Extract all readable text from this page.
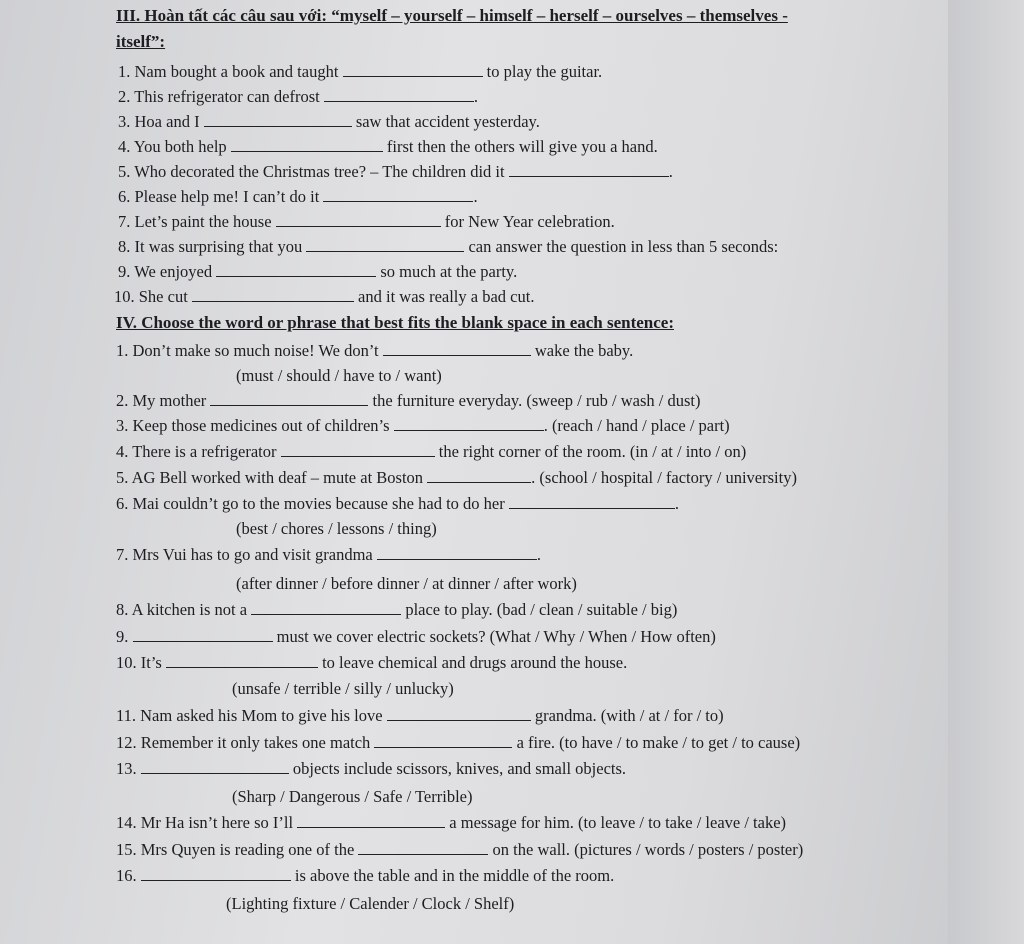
III. Hoàn tất các câu sau với: “myself – yourself – himself – herself – ourselves – themselves -
itself”:
1. Nam bought a book and taught	to play the guitar.
2. This refrigerator can defrost	.
3. Hoa and I	saw that accident yesterday.
4. You both help	first then the others will give you a hand.
5. Who decorated the Christmas tree? – The children did it	.
6. Please help me! I can’t do it	.
7. Let’s paint the house	for New Year celebration.
8. It was surprising that you	can answer the question in less than 5 seconds:
9. We enjoyed	so much at the party.
10. She cut	and it was really a bad cut.
IV. Choose the word or phrase that best fits the blank space in each sentence:
1. Don’t make so much noise! We don’t	wake the baby.
(must / should / have to / want)
2. My mother	the furniture everyday. (sweep / rub / wash / dust)
3. Keep those medicines out of children’s	. (reach / hand / place / part)
4. There is a refrigerator	the right corner of the room. (in / at / into / on)
5. AG Bell worked with deaf – mute at Boston	. (school / hospital / factory / university)
6. Mai couldn’t go to the movies because she had to do her	.
(best / chores / lessons / thing)
7. Mrs Vui has to go and visit grandma	.
(after dinner / before dinner / at dinner / after work)
8. A kitchen is not a	place to play. (bad / clean / suitable / big)
9.	must we cover electric sockets? (What / Why / When / How often)
10. It’s	to leave chemical and drugs around the house.
(unsafe / terrible / silly / unlucky)
11. Nam asked his Mom to give his love	grandma. (with / at / for / to)
12. Remember it only takes one match	a fire. (to have / to make / to get / to cause)
13.	objects include scissors, knives, and small objects.
(Sharp / Dangerous / Safe / Terrible)
14. Mr Ha isn’t here so I’ll	a message for him. (to leave / to take / leave / take)
15. Mrs Quyen is reading one of the	on the wall. (pictures / words / posters / poster)
16.	is above the table and in the middle of the room.
(Lighting fixture / Calender / Clock / Shelf)
